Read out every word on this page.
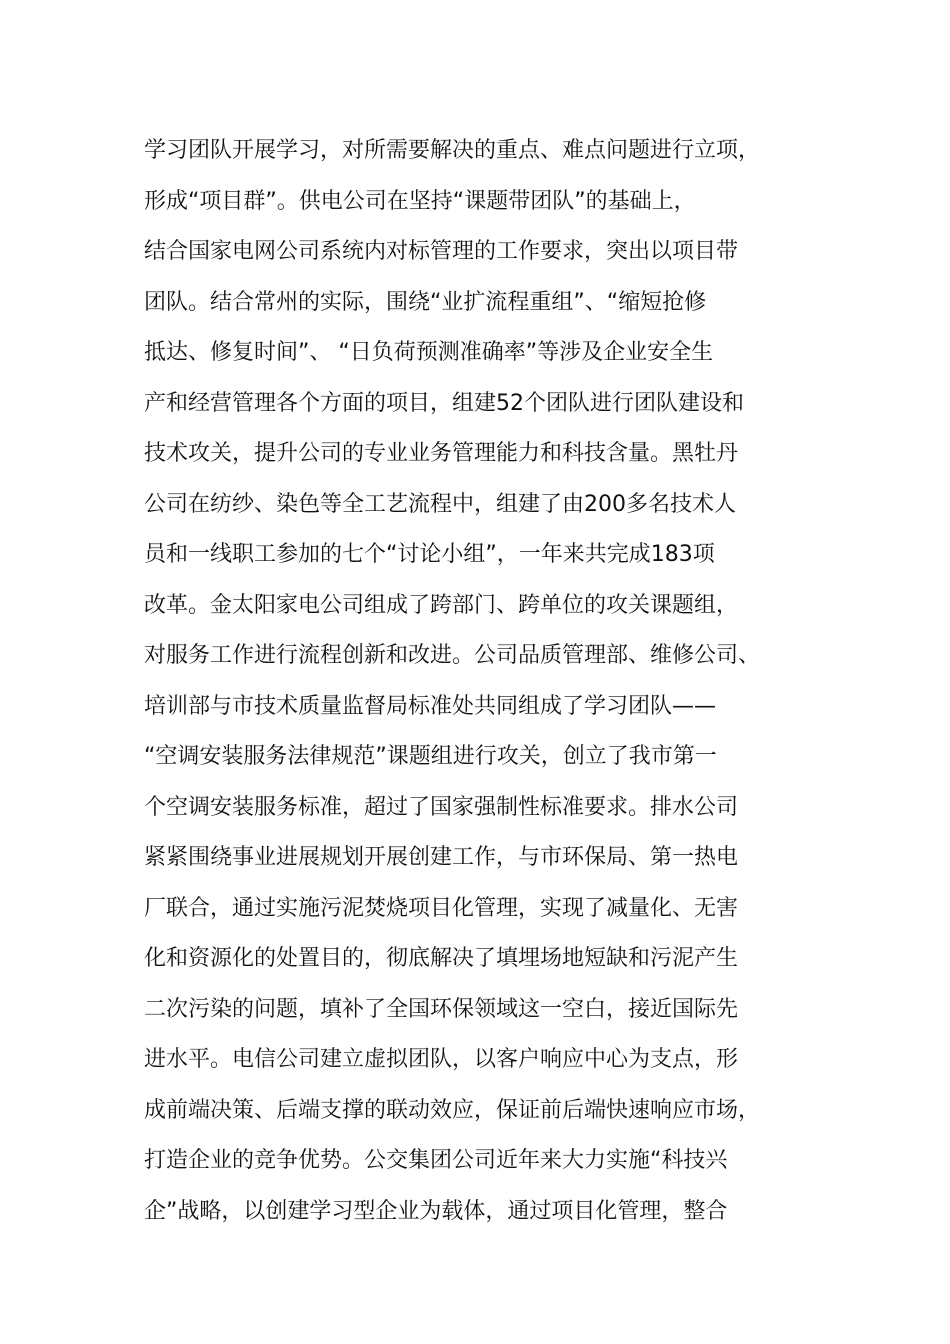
学习团队开展学习，对所需要解决的重点、难点问题进行立项，
形成“项目群”。供电公司在坚持“课题带团队”的基础上，
结合国家电网公司系统内对标管理的工作要求，突出以项目带
团队。结合常州的实际，围绕“业扩流程重组”、“缩短抢修
抵达、修复时间”、 “日负荷预测准确率”等涉及企业安全生
产和经营管理各个方面的项目，组建52个团队进行团队建设和
技术攻关，提升公司的专业业务管理能力和科技含量。黑牡丹
公司在纺纱、染色等全工艺流程中，组建了由200多名技术人
员和一线职工参加的七个“讨论小组”，一年来共完成183项
改革。金太阳家电公司组成了跨部门、跨单位的攻关课题组，
对服务工作进行流程创新和改进。公司品质管理部、维修公司、
培训部与市技术质量监督局标准处共同组成了学习团队——
“空调安装服务法律规范”课题组进行攻关，创立了我市第一
个空调安装服务标准，超过了国家强制性标准要求。排水公司
紧紧围绕事业进展规划开展创建工作，与市环保局、第一热电
厂联合，通过实施污泥焚烧项目化管理，实现了减量化、无害
化和资源化的处置目的，彻底解决了填埋场地短缺和污泥产生
二次污染的问题，填补了全国环保领域这一空白，接近国际先
进水平。电信公司建立虚拟团队，以客户响应中心为支点，形
成前端决策、后端支撑的联动效应，保证前后端快速响应市场，
打造企业的竞争优势。公交集团公司近年来大力实施“科技兴
企”战略，以创建学习型企业为载体，通过项目化管理，整合
